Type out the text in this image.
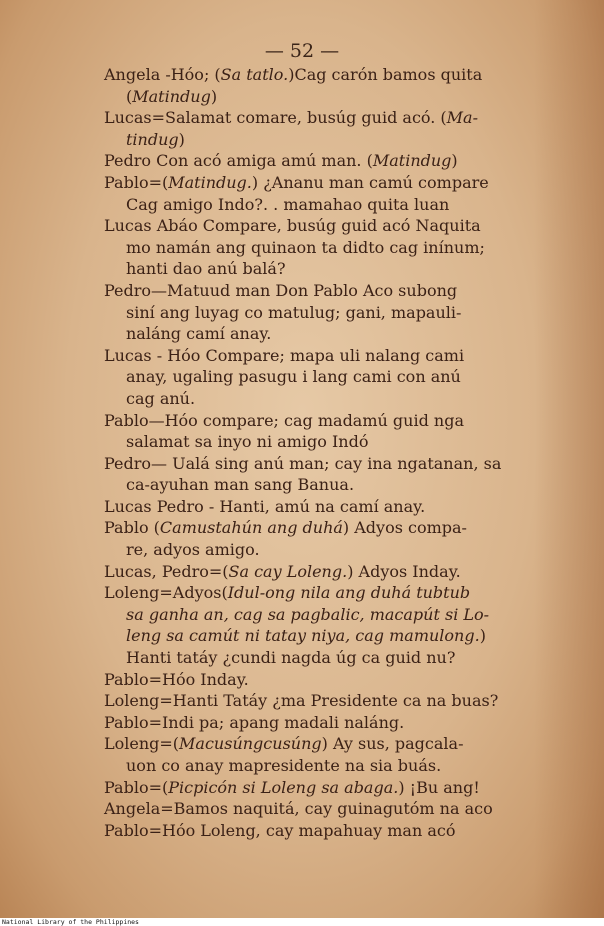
— 52 —
Angela -Hóo; (Sa tatlo.)Cag carón bamos quita
(Matindug)
Lucas=Salamat comare, busúg guid acó. (Ma-
tindug)
Pedro Con acó amiga amú man. (Matindug)
Pablo=(Matindug.) ¿Ananu man camú compare
Cag amigo Indo?. . mamahao quita luan
Lucas Abáo Compare, busúg guid acó Naquita
mo namán ang quinaon ta didto cag inínum;
hanti dao anú balá?
Pedro—Matuud man Don Pablo Aco subong
siní ang luyag co matulug; gani, mapauli-
naláng camí anay.
Lucas - Hóo Compare; mapa uli nalang cami
anay, ugaling pasugu i lang cami con anú
cag anú.
Pablo—Hóo compare; cag madamú guid nga
salamat sa inyo ni amigo Indó
Pedro— Ualá sing anú man; cay ina ngatanan, sa
ca-ayuhan man sang Banua.
Lucas Pedro - Hanti, amú na camí anay.
Pablo (Camustahún ang duhá) Adyos compa-
re, adyos amigo.
Lucas, Pedro=(Sa cay Loleng.) Adyos Inday.
Loleng=Adyos(Idul-ong nila ang duhá tubtub
sa ganha an, cag sa pagbalic, macapút si Lo-
leng sa camút ni tatay niya, cag mamulong.)
Hanti tatáy ¿cundi nagda úg ca guid nu?
Pablo=Hóo Inday.
Loleng=Hanti Tatáy ¿ma Presidente ca na buas?
Pablo=Indi pa; apang madali naláng.
Loleng=(Macusúngcusúng) Ay sus, pagcala-
uon co anay mapresidente na sia buás.
Pablo=(Picpicón si Loleng sa abaga.) ¡Bu ang!
Angela=Bamos naquitá, cay guinagutóm na aco
Pablo=Hóo Loleng, cay mapahuay man acó
National Library of the Philippines
